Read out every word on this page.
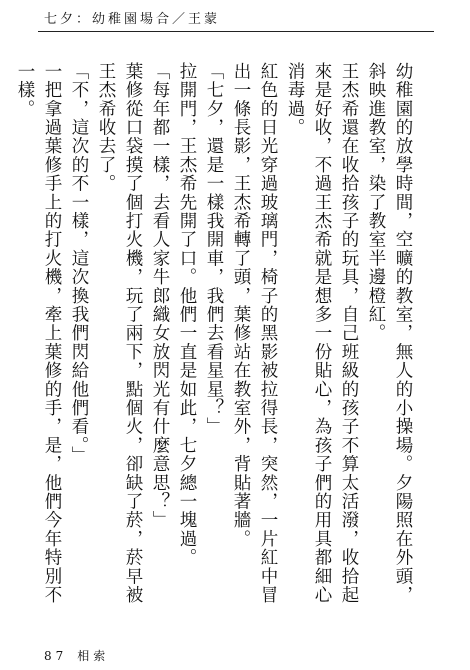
七夕：幼稚園場合／王蒙

幼稚園的放學時間，空曠的教室，無人的小操場。夕陽照在外頭，斜映進教室，染了教室半邊橙紅。

王杰希還在收拾孩子的玩具，自己班級的孩子不算太活潑，收拾起來是好收，不過王杰希就是想多一份貼心，為孩子們的用具都細心消毒過。

紅色的日光穿過玻璃門，椅子的黑影被拉得長，突然，一片紅中冒出一條長影，王杰希轉了頭，葉修站在教室外，背貼著牆。

「七夕，還是一樣我開車，我們去看星星？」

拉開門，王杰希先開了口。他們一直是如此，七夕總一塊過。

「每年都一樣，去看人家牛郎織女放閃光有什麼意思？」

葉修從口袋摸了個打火機，玩了兩下，點個火，卻缺了菸，菸早被王杰希收去了。

「不，這次的不一樣，這次換我們閃給他們看。」

一把拿過葉修手上的打火機，牽上葉修的手，是，他們今年特別不一樣。

87 相索
